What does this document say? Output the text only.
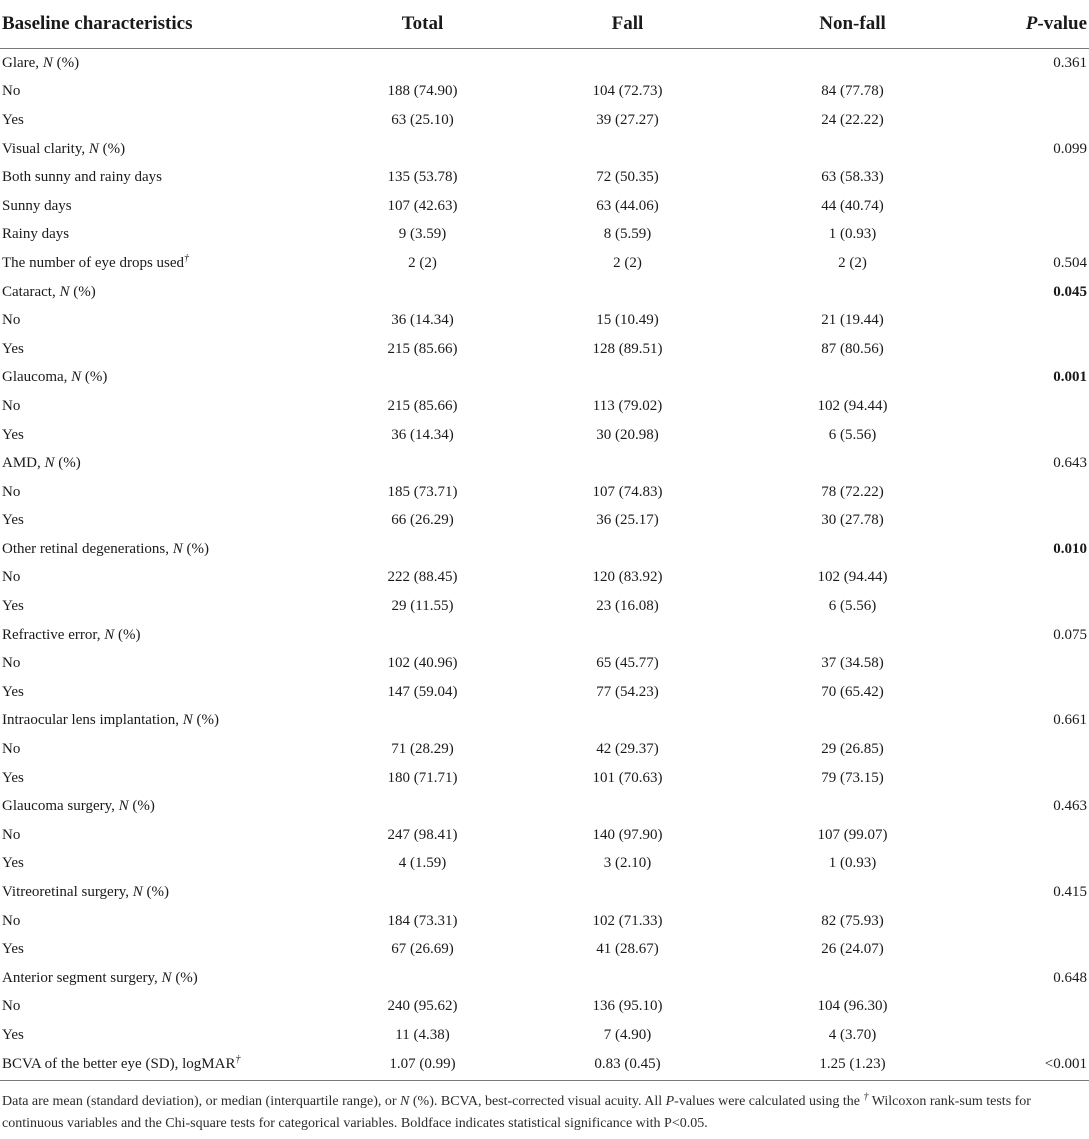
Baseline characteristics	Total	Fall	Non-fall	P-value
Glare, N (%)				0.361
No	188 (74.90)	104 (72.73)	84 (77.78)	
Yes	63 (25.10)	39 (27.27)	24 (22.22)	
Visual clarity, N (%)				0.099
Both sunny and rainy days	135 (53.78)	72 (50.35)	63 (58.33)	
Sunny days	107 (42.63)	63 (44.06)	44 (40.74)	
Rainy days	9 (3.59)	8 (5.59)	1 (0.93)	
The number of eye drops used†	2 (2)	2 (2)	2 (2)	0.504
Cataract, N (%)				0.045
No	36 (14.34)	15 (10.49)	21 (19.44)	
Yes	215 (85.66)	128 (89.51)	87 (80.56)	
Glaucoma, N (%)				0.001
No	215 (85.66)	113 (79.02)	102 (94.44)	
Yes	36 (14.34)	30 (20.98)	6 (5.56)	
AMD, N (%)				0.643
No	185 (73.71)	107 (74.83)	78 (72.22)	
Yes	66 (26.29)	36 (25.17)	30 (27.78)	
Other retinal degenerations, N (%)				0.010
No	222 (88.45)	120 (83.92)	102 (94.44)	
Yes	29 (11.55)	23 (16.08)	6 (5.56)	
Refractive error, N (%)				0.075
No	102 (40.96)	65 (45.77)	37 (34.58)	
Yes	147 (59.04)	77 (54.23)	70 (65.42)	
Intraocular lens implantation, N (%)				0.661
No	71 (28.29)	42 (29.37)	29 (26.85)	
Yes	180 (71.71)	101 (70.63)	79 (73.15)	
Glaucoma surgery, N (%)				0.463
No	247 (98.41)	140 (97.90)	107 (99.07)	
Yes	4 (1.59)	3 (2.10)	1 (0.93)	
Vitreoretinal surgery, N (%)				0.415
No	184 (73.31)	102 (71.33)	82 (75.93)	
Yes	67 (26.69)	41 (28.67)	26 (24.07)	
Anterior segment surgery, N (%)				0.648
No	240 (95.62)	136 (95.10)	104 (96.30)	
Yes	11 (4.38)	7 (4.90)	4 (3.70)	
BCVA of the better eye (SD), logMAR†	1.07 (0.99)	0.83 (0.45)	1.25 (1.23)	<0.001
Data are mean (standard deviation), or median (interquartile range), or N (%). BCVA, best-corrected visual acuity. All P-values were calculated using the † Wilcoxon rank-sum tests for continuous variables and the Chi-square tests for categorical variables. Boldface indicates statistical significance with P<0.05.
